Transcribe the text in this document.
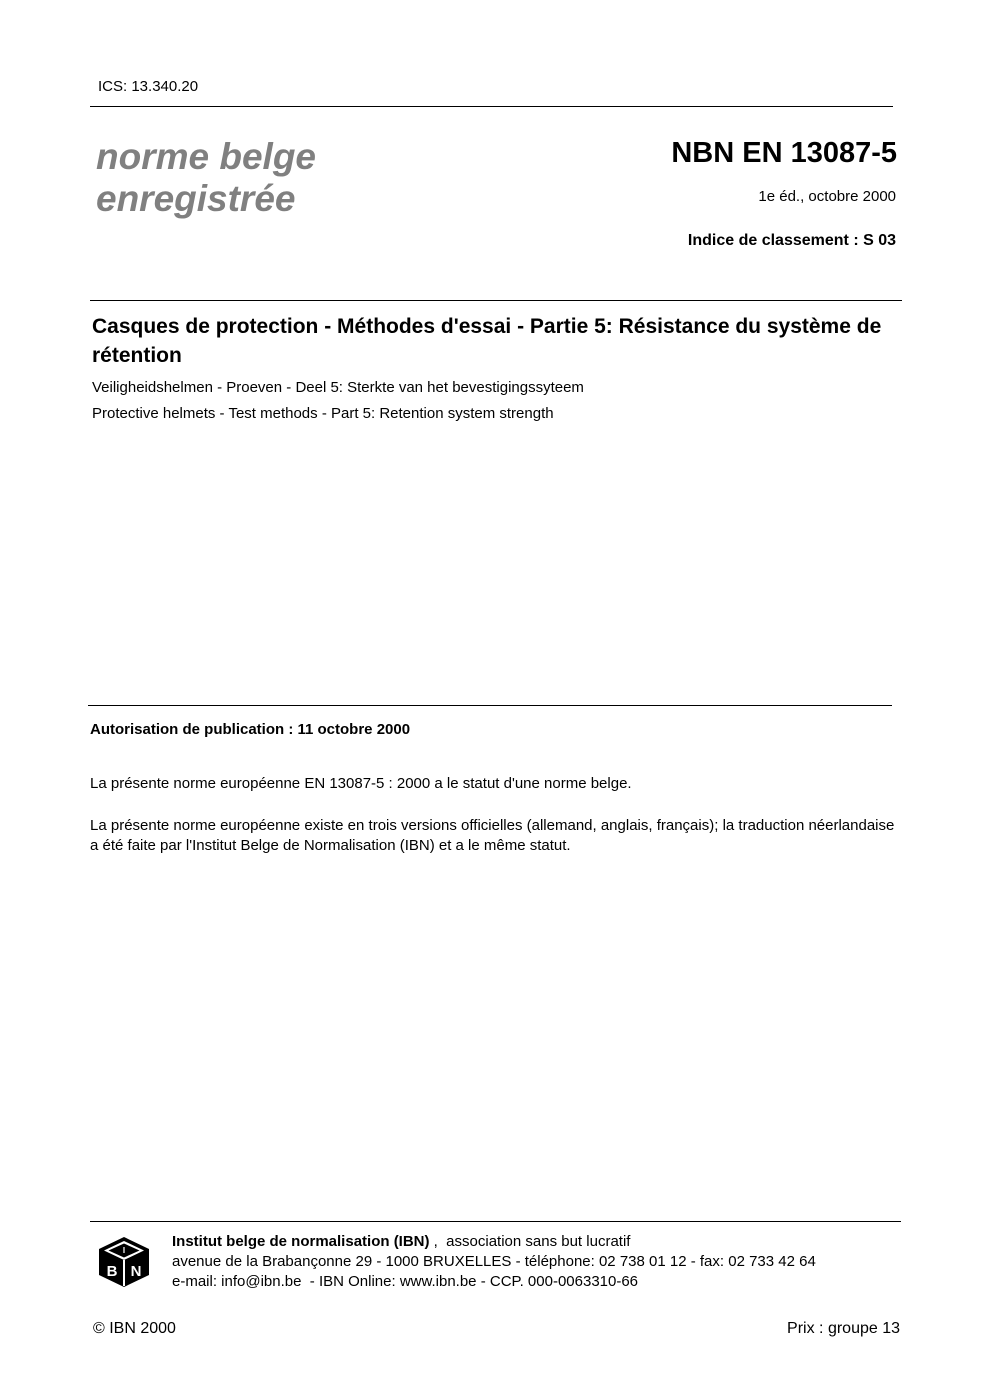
ICS: 13.340.20
norme belge
enregistrée
NBN EN 13087-5
1e éd., octobre 2000
Indice de classement : S 03
Casques de protection - Méthodes d'essai - Partie 5: Résistance du système de rétention
Veiligheidshelmen - Proeven - Deel 5: Sterkte van het bevestigingssyteem
Protective helmets - Test methods - Part 5: Retention system strength
Autorisation de publication : 11 octobre 2000
La présente norme européenne EN 13087-5 : 2000 a le statut d'une norme belge.
La présente norme européenne existe en trois versions officielles (allemand, anglais, français); la traduction néerlandaise a été faite par l'Institut Belge de Normalisation (IBN) et a le même statut.
I
B N
Institut belge de normalisation (IBN) ,  association sans but lucratif
avenue de la Brabançonne 29 - 1000 BRUXELLES - téléphone: 02 738 01 12 - fax: 02 733 42 64
e-mail: info@ibn.be  - IBN Online: www.ibn.be - CCP. 000-0063310-66
© IBN 2000	Prix : groupe 13
